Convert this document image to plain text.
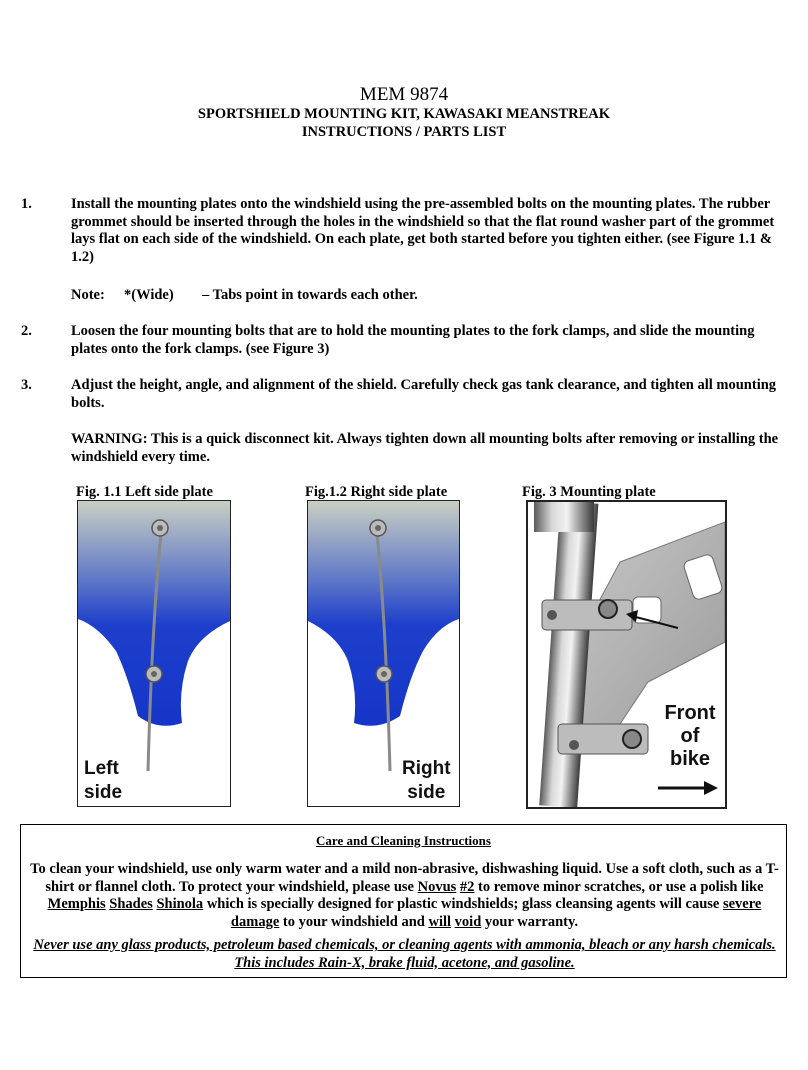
MEM 9874
SPORTSHIELD MOUNTING KIT, KAWASAKI MEANSTREAK
INSTRUCTIONS / PARTS LIST
1.	Install the mounting plates onto the windshield using the pre-assembled bolts on the mounting plates. The rubber grommet should be inserted through the holes in the windshield so that the flat round washer part of the grommet lays flat on each side of the windshield. On each plate, get both started before you tighten either. (see Figure 1.1 & 1.2)
Note: *(Wide) – Tabs point in towards each other.
2.	Loosen the four mounting bolts that are to hold the mounting plates to the fork clamps, and slide the mounting plates onto the fork clamps. (see Figure 3)
3.	Adjust the height, angle, and alignment of the shield. Carefully check gas tank clearance, and tighten all mounting bolts.
WARNING: This is a quick disconnect kit. Always tighten down all mounting bolts after removing or installing the windshield every time.
Fig. 1.1 Left side plate	Fig.1.2 Right side plate	Fig. 3 Mounting plate
Left
side
Right
side
Front
of
bike
Care and Cleaning Instructions
To clean your windshield, use only warm water and a mild non-abrasive, dishwashing liquid. Use a soft cloth, such as a T-shirt or flannel cloth. To protect your windshield, please use Novus #2 to remove minor scratches, or use a polish like Memphis Shades Shinola which is specially designed for plastic windshields; glass cleansing agents will cause severe damage to your windshield and will void your warranty.
Never use any glass products, petroleum based chemicals, or cleaning agents with ammonia, bleach or any harsh chemicals. This includes Rain-X, brake fluid, acetone, and gasoline.
